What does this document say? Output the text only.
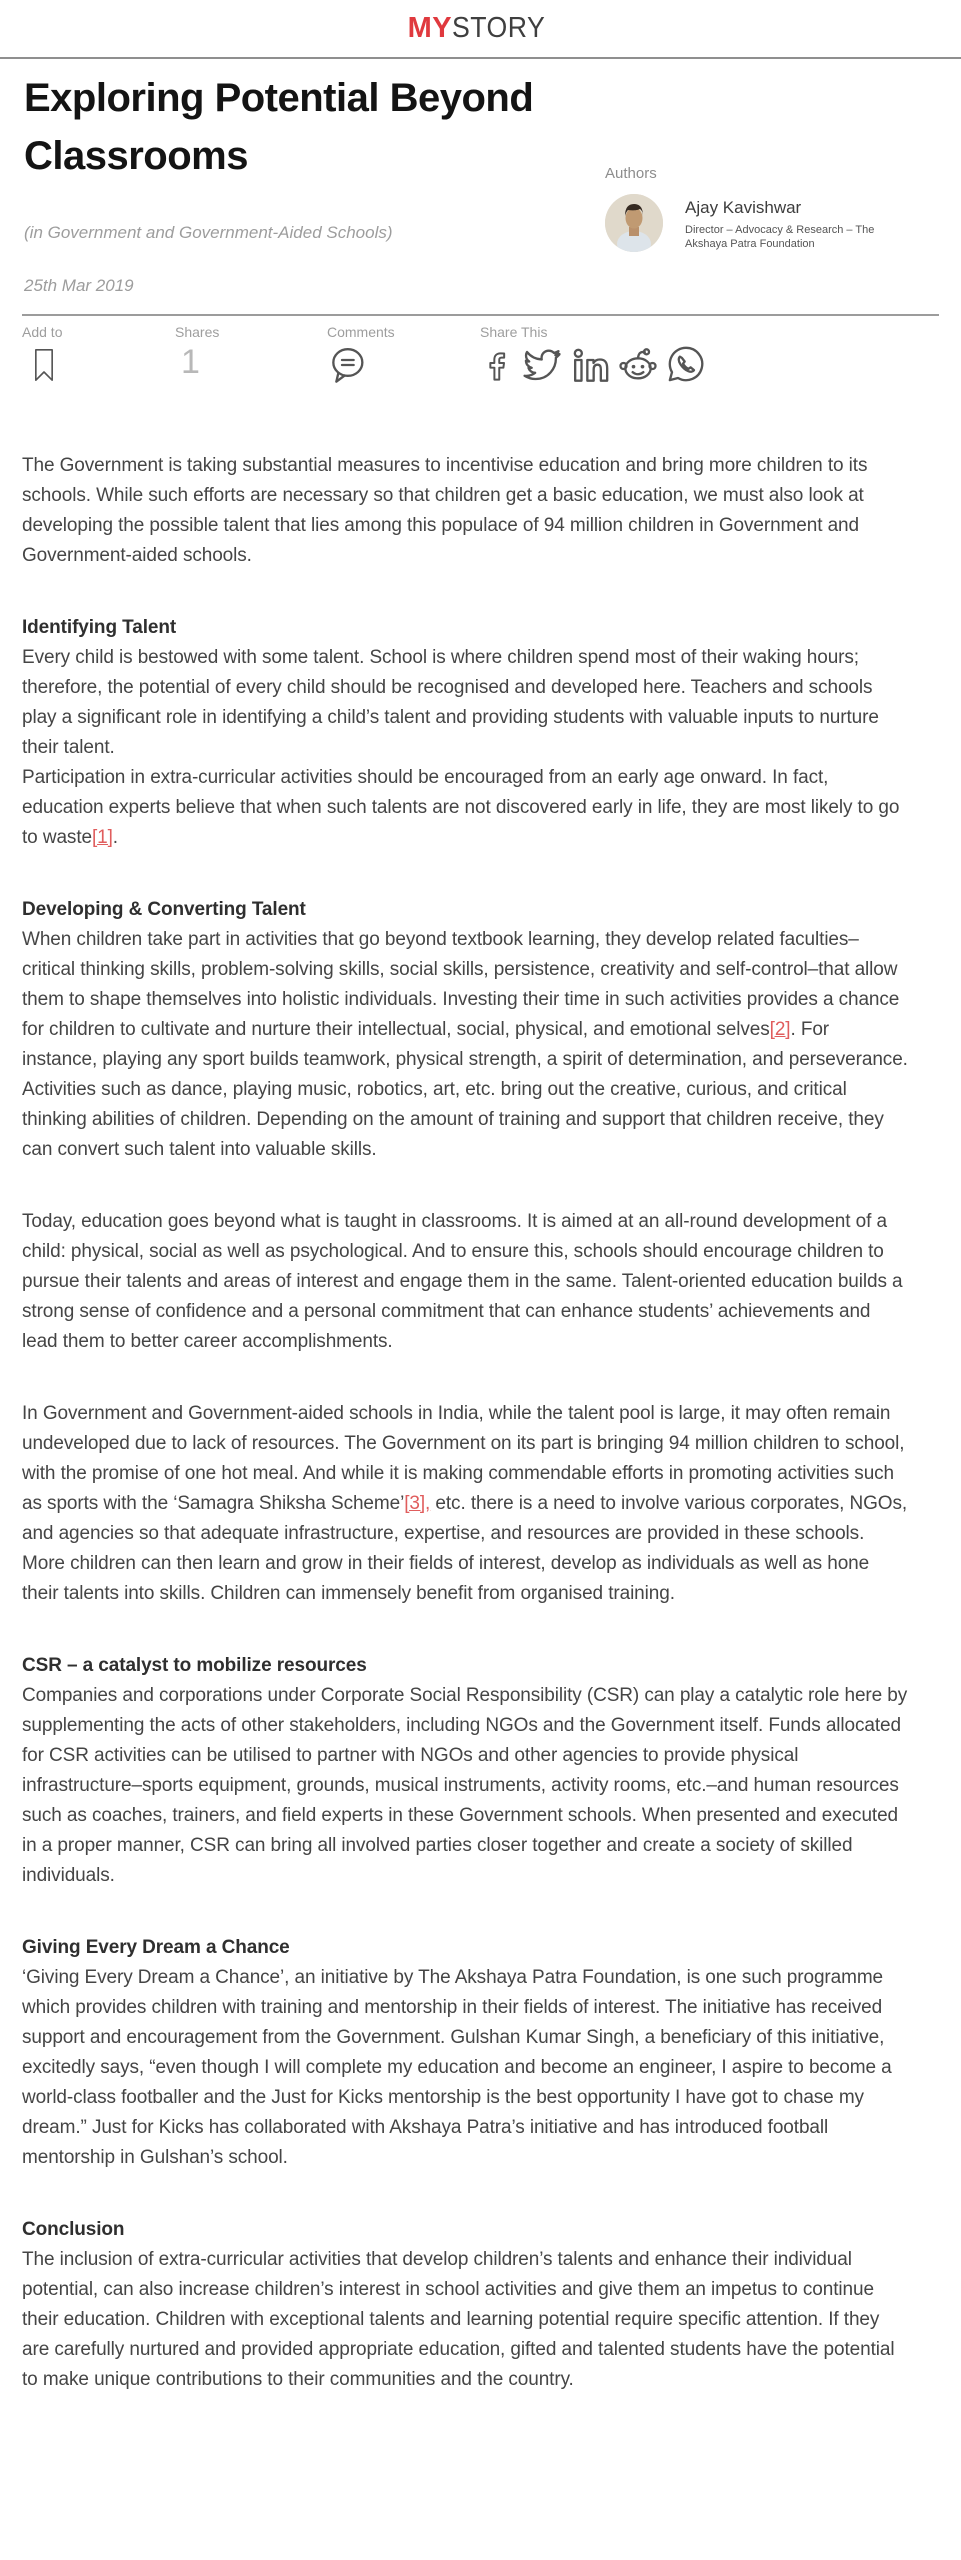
MYSTORY
Exploring Potential Beyond Classrooms
(in Government and Government-Aided Schools)
25th Mar 2019
Authors
Ajay Kavishwar
Director – Advocacy & Research – The Akshaya Patra Foundation
Add to	Shares
1
Comments	Share This

The Government is taking substantial measures to incentivise education and bring more children to its schools. While such efforts are necessary so that children get a basic education, we must also look at developing the possible talent that lies among this populace of 94 million children in Government and Government-aided schools.

Identifying Talent

Every child is bestowed with some talent. School is where children spend most of their waking hours; therefore, the potential of every child should be recognised and developed here. Teachers and schools play a significant role in identifying a child’s talent and providing students with valuable inputs to nurture their talent.

Participation in extra-curricular activities should be encouraged from an early age onward. In fact, education experts believe that when such talents are not discovered early in life, they are most likely to go to waste[1].

Developing & Converting Talent

When children take part in activities that go beyond textbook learning, they develop related faculties–critical thinking skills, problem-solving skills, social skills, persistence, creativity and self-control–that allow them to shape themselves into holistic individuals. Investing their time in such activities provides a chance for children to cultivate and nurture their intellectual, social, physical, and emotional selves[2]. For instance, playing any sport builds teamwork, physical strength, a spirit of determination, and perseverance. Activities such as dance, playing music, robotics, art, etc. bring out the creative, curious, and critical thinking abilities of children. Depending on the amount of training and support that children receive, they can convert such talent into valuable skills.

Today, education goes beyond what is taught in classrooms. It is aimed at an all-round development of a child: physical, social as well as psychological. And to ensure this, schools should encourage children to pursue their talents and areas of interest and engage them in the same. Talent-oriented education builds a strong sense of confidence and a personal commitment that can enhance students’ achievements and lead them to better career accomplishments.

In Government and Government-aided schools in India, while the talent pool is large, it may often remain undeveloped due to lack of resources. The Government on its part is bringing 94 million children to school, with the promise of one hot meal. And while it is making commendable efforts in promoting activities such as sports with the ‘Samagra Shiksha Scheme’[3], etc. there is a need to involve various corporates, NGOs, and agencies so that adequate infrastructure, expertise, and resources are provided in these schools. More children can then learn and grow in their fields of interest, develop as individuals as well as hone their talents into skills. Children can immensely benefit from organised training.

CSR – a catalyst to mobilize resources

Companies and corporations under Corporate Social Responsibility (CSR) can play a catalytic role here by supplementing the acts of other stakeholders, including NGOs and the Government itself. Funds allocated for CSR activities can be utilised to partner with NGOs and other agencies to provide physical infrastructure–sports equipment, grounds, musical instruments, activity rooms, etc.–and human resources such as coaches, trainers, and field experts in these Government schools. When presented and executed in a proper manner, CSR can bring all involved parties closer together and create a society of skilled individuals.

Giving Every Dream a Chance

‘Giving Every Dream a Chance’, an initiative by The Akshaya Patra Foundation, is one such programme which provides children with training and mentorship in their fields of interest. The initiative has received support and encouragement from the Government. Gulshan Kumar Singh, a beneficiary of this initiative, excitedly says, “even though I will complete my education and become an engineer, I aspire to become a world-class footballer and the Just for Kicks mentorship is the best opportunity I have got to chase my dream.” Just for Kicks has collaborated with Akshaya Patra’s initiative and has introduced football mentorship in Gulshan’s school.

Conclusion

The inclusion of extra-curricular activities that develop children’s talents and enhance their individual potential, can also increase children’s interest in school activities and give them an impetus to continue their education. Children with exceptional talents and learning potential require specific attention. If they are carefully nurtured and provided appropriate education, gifted and talented students have the potential to make unique contributions to their communities and the country.
